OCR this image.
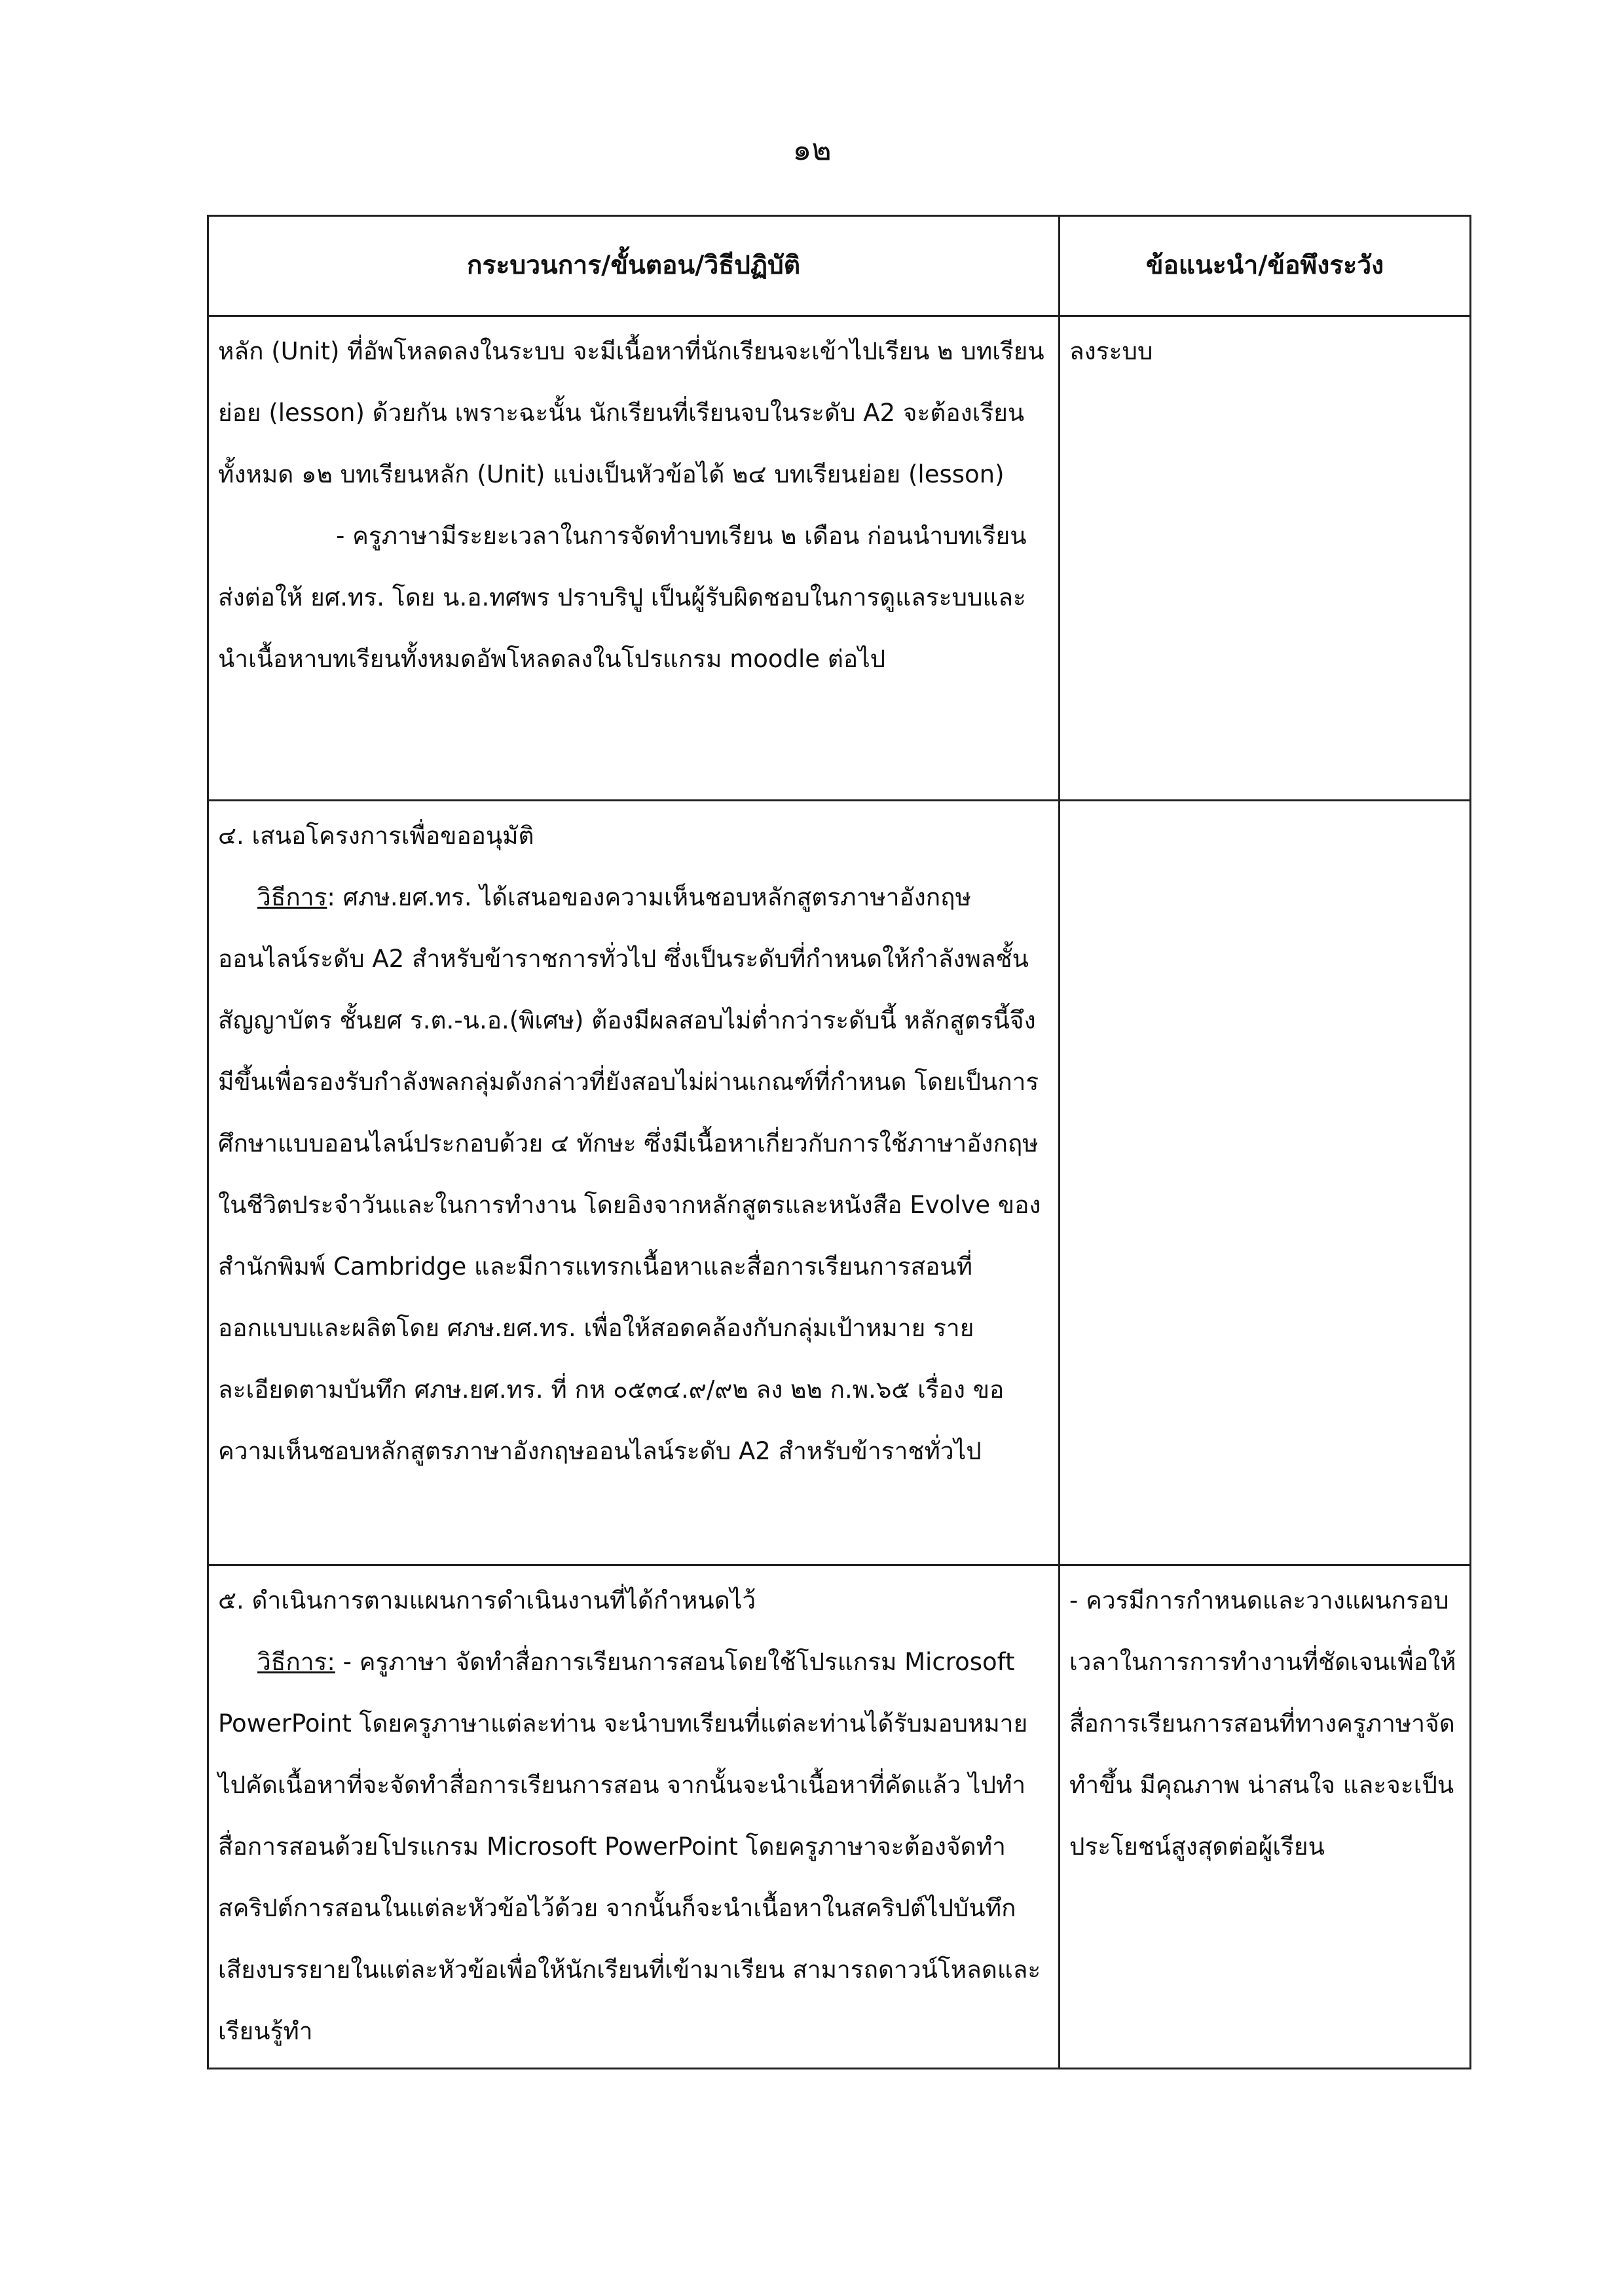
๑๒
กระบวนการ/ขั้นตอน/วิธีปฏิบัติ	ข้อแนะนำ/ข้อพึงระวัง

หลัก (Unit) ที่อัพโหลดลงในระบบ จะมีเนื้อหาที่นักเรียนจะเข้าไปเรียน ๒ บทเรียนย่อย (lesson) ด้วยกัน เพราะฉะนั้น นักเรียนที่เรียนจบในระดับ A2 จะต้องเรียนทั้งหมด ๑๒ บทเรียนหลัก (Unit) แบ่งเป็นหัวข้อได้ ๒๔ บทเรียนย่อย (lesson)

- ครูภาษามีระยะเวลาในการจัดทำบทเรียน ๒ เดือน ก่อนนำบทเรียนส่งต่อให้ ยศ.ทร. โดย น.อ.ทศพร ปราบริปู เป็นผู้รับผิดชอบในการดูแลระบบและนำเนื้อหาบทเรียนทั้งหมดอัพโหลดลงในโปรแกรม moodle ต่อไป	ลงระบบ

๔. เสนอโครงการเพื่อขออนุมัติ

วิธีการ: ศภษ.ยศ.ทร. ได้เสนอของความเห็นชอบหลักสูตรภาษาอังกฤษออนไลน์ระดับ A2 สำหรับข้าราชการทั่วไป ซึ่งเป็นระดับที่กำหนดให้กำลังพลชั้นสัญญาบัตร ชั้นยศ ร.ต.-น.อ.(พิเศษ) ต้องมีผลสอบไม่ต่ำกว่าระดับนี้ หลักสูตรนี้จึงมีขึ้นเพื่อรองรับกำลังพลกลุ่มดังกล่าวที่ยังสอบไม่ผ่านเกณฑ์ที่กำหนด โดยเป็นการศึกษาแบบออนไลน์ประกอบด้วย ๔ ทักษะ ซึ่งมีเนื้อหาเกี่ยวกับการใช้ภาษาอังกฤษในชีวิตประจำวันและในการทำงาน โดยอิงจากหลักสูตรและหนังสือ Evolve ของสำนักพิมพ์ Cambridge และมีการแทรกเนื้อหาและสื่อการเรียนการสอนที่ออกแบบและผลิตโดย ศภษ.ยศ.ทร. เพื่อให้สอดคล้องกับกลุ่มเป้าหมาย รายละเอียดตามบันทึก ศภษ.ยศ.ทร. ที่ กห ๐๕๓๔.๙/๙๒ ลง ๒๒ ก.พ.๖๕ เรื่อง ขอความเห็นชอบหลักสูตรภาษาอังกฤษออนไลน์ระดับ A2 สำหรับข้าราชทั่วไป	

๕. ดำเนินการตามแผนการดำเนินงานที่ได้กำหนดไว้

วิธีการ: - ครูภาษา จัดทำสื่อการเรียนการสอนโดยใช้โปรแกรม Microsoft PowerPoint โดยครูภาษาแต่ละท่าน จะนำบทเรียนที่แต่ละท่านได้รับมอบหมาย ไปคัดเนื้อหาที่จะจัดทำสื่อการเรียนการสอน จากนั้นจะนำเนื้อหาที่คัดแล้ว ไปทำสื่อการสอนด้วยโปรแกรม Microsoft PowerPoint โดยครูภาษาจะต้องจัดทำสคริปต์การสอนในแต่ละหัวข้อไว้ด้วย จากนั้นก็จะนำเนื้อหาในสคริปต์ไปบันทึกเสียงบรรยายในแต่ละหัวข้อเพื่อให้นักเรียนที่เข้ามาเรียน สามารถดาวน์โหลดและเรียนรู้ทำ	- ควรมีการกำหนดและวางแผนกรอบเวลาในการการทำงานที่ชัดเจนเพื่อให้สื่อการเรียนการสอนที่ทางครูภาษาจัดทำขึ้น มีคุณภาพ น่าสนใจ และจะเป็นประโยชน์สูงสุดต่อผู้เรียน
